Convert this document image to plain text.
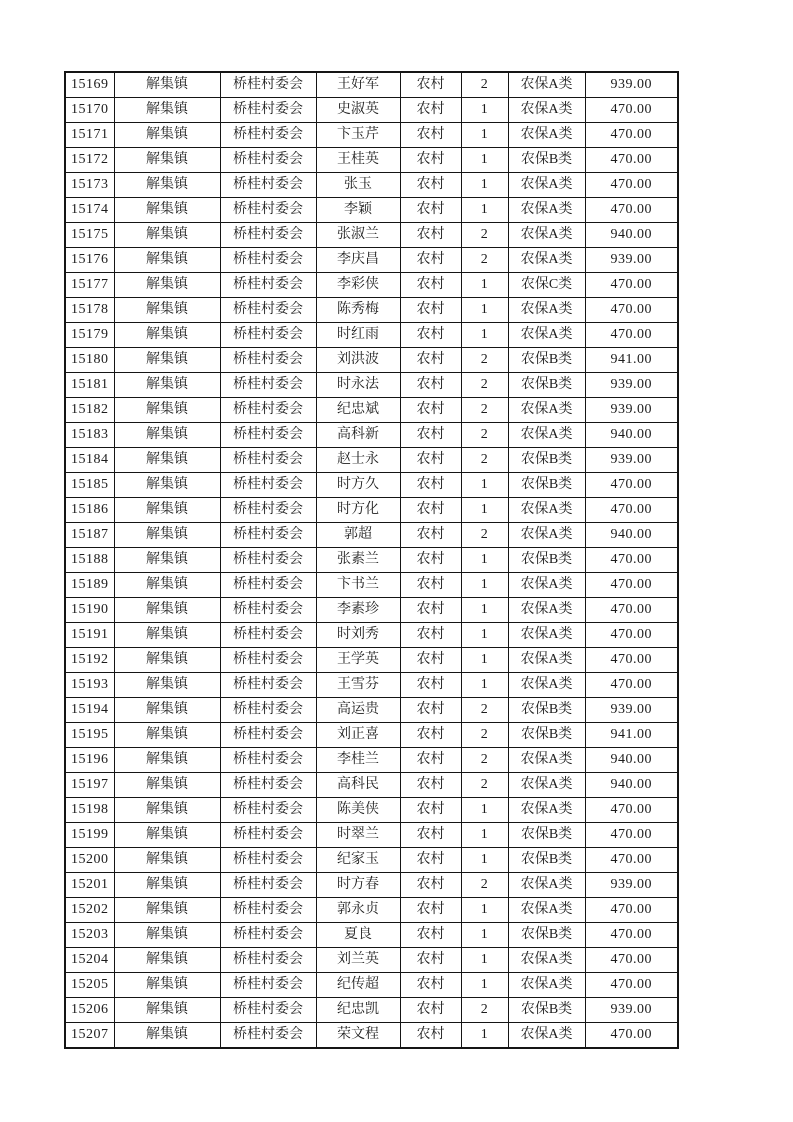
15169	解集镇	桥桂村委会	王好军	农村	2	农保A类	939.00
15170	解集镇	桥桂村委会	史淑英	农村	1	农保A类	470.00
15171	解集镇	桥桂村委会	卞玉芹	农村	1	农保A类	470.00
15172	解集镇	桥桂村委会	王桂英	农村	1	农保B类	470.00
15173	解集镇	桥桂村委会	张玉	农村	1	农保A类	470.00
15174	解集镇	桥桂村委会	李颖	农村	1	农保A类	470.00
15175	解集镇	桥桂村委会	张淑兰	农村	2	农保A类	940.00
15176	解集镇	桥桂村委会	李庆昌	农村	2	农保A类	939.00
15177	解集镇	桥桂村委会	李彩侠	农村	1	农保C类	470.00
15178	解集镇	桥桂村委会	陈秀梅	农村	1	农保A类	470.00
15179	解集镇	桥桂村委会	时红雨	农村	1	农保A类	470.00
15180	解集镇	桥桂村委会	刘洪波	农村	2	农保B类	941.00
15181	解集镇	桥桂村委会	时永法	农村	2	农保B类	939.00
15182	解集镇	桥桂村委会	纪忠斌	农村	2	农保A类	939.00
15183	解集镇	桥桂村委会	高科新	农村	2	农保A类	940.00
15184	解集镇	桥桂村委会	赵士永	农村	2	农保B类	939.00
15185	解集镇	桥桂村委会	时方久	农村	1	农保B类	470.00
15186	解集镇	桥桂村委会	时方化	农村	1	农保A类	470.00
15187	解集镇	桥桂村委会	郭超	农村	2	农保A类	940.00
15188	解集镇	桥桂村委会	张素兰	农村	1	农保B类	470.00
15189	解集镇	桥桂村委会	卞书兰	农村	1	农保A类	470.00
15190	解集镇	桥桂村委会	李素珍	农村	1	农保A类	470.00
15191	解集镇	桥桂村委会	时刘秀	农村	1	农保A类	470.00
15192	解集镇	桥桂村委会	王学英	农村	1	农保A类	470.00
15193	解集镇	桥桂村委会	王雪芬	农村	1	农保A类	470.00
15194	解集镇	桥桂村委会	高运贵	农村	2	农保B类	939.00
15195	解集镇	桥桂村委会	刘正喜	农村	2	农保B类	941.00
15196	解集镇	桥桂村委会	李桂兰	农村	2	农保A类	940.00
15197	解集镇	桥桂村委会	高科民	农村	2	农保A类	940.00
15198	解集镇	桥桂村委会	陈美侠	农村	1	农保A类	470.00
15199	解集镇	桥桂村委会	时翠兰	农村	1	农保B类	470.00
15200	解集镇	桥桂村委会	纪家玉	农村	1	农保B类	470.00
15201	解集镇	桥桂村委会	时方春	农村	2	农保A类	939.00
15202	解集镇	桥桂村委会	郭永贞	农村	1	农保A类	470.00
15203	解集镇	桥桂村委会	夏良	农村	1	农保B类	470.00
15204	解集镇	桥桂村委会	刘兰英	农村	1	农保A类	470.00
15205	解集镇	桥桂村委会	纪传超	农村	1	农保A类	470.00
15206	解集镇	桥桂村委会	纪忠凯	农村	2	农保B类	939.00
15207	解集镇	桥桂村委会	荣文程	农村	1	农保A类	470.00
